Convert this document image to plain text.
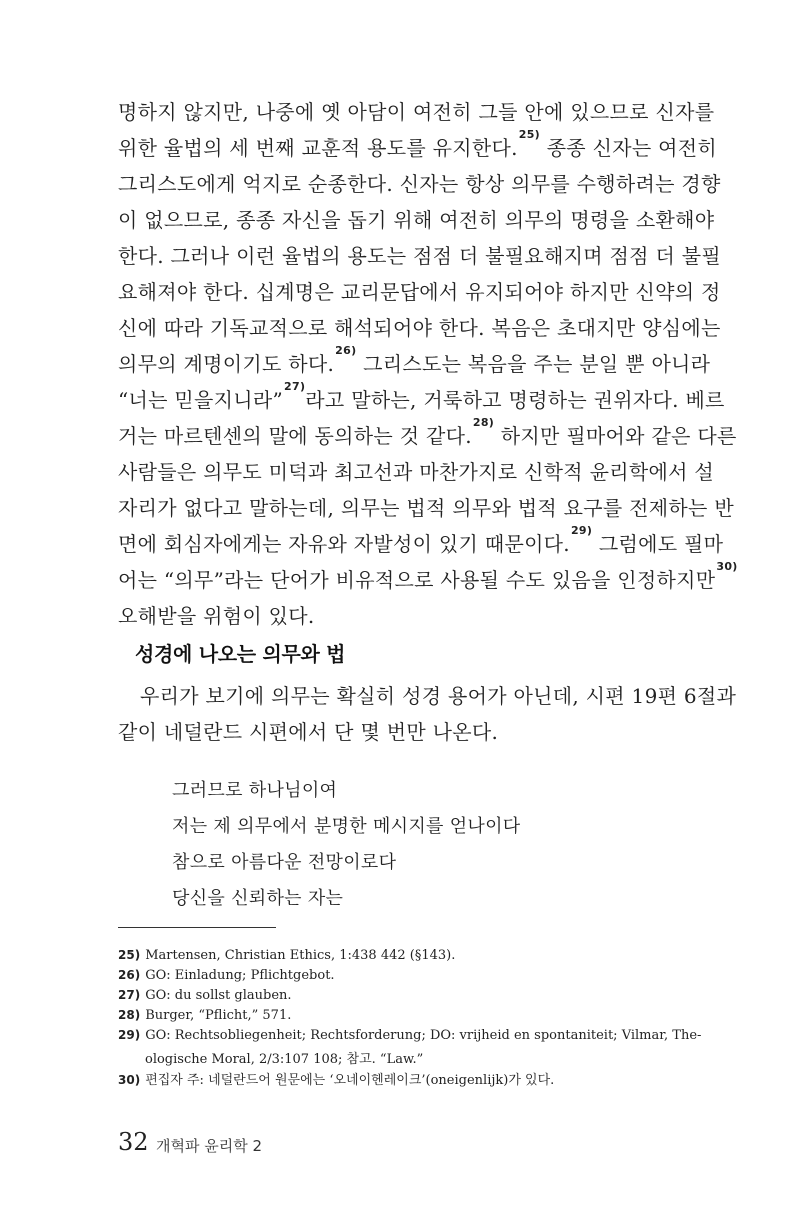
명하지 않지만, 나중에 옛 아담이 여전히 그들 안에 있으므로 신자를
위한 율법의 세 번째 교훈적 용도를 유지한다.$^{25)}$ 종종 신자는 여전히
그리스도에게 억지로 순종한다. 신자는 항상 의무를 수행하려는 경향
이 없으므로, 종종 자신을 돕기 위해 여전히 의무의 명령을 소환해야
한다. 그러나 이런 율법의 용도는 점점 더 불필요해지며 점점 더 불필
요해져야 한다. 십계명은 교리문답에서 유지되어야 하지만 신약의 정
신에 따라 기독교적으로 해석되어야 한다. 복음은 초대지만 양심에는
의무의 계명이기도 하다.$^{26)}$ 그리스도는 복음을 주는 분일 뿐 아니라
“너는 믿을지니라”$^{27)}$라고 말하는, 거룩하고 명령하는 권위자다. 베르
거는 마르텐센의 말에 동의하는 것 같다.$^{28)}$ 하지만 필마어와 같은 다른
사람들은 의무도 미덕과 최고선과 마찬가지로 신학적 윤리학에서 설
자리가 없다고 말하는데, 의무는 법적 의무와 법적 요구를 전제하는 반
면에 회심자에게는 자유와 자발성이 있기 때문이다.$^{29)}$ 그럼에도 필마
어는 “의무”라는 단어가 비유적으로 사용될 수도 있음을 인정하지만$^{30)}$
오해받을 위험이 있다.
성경에 나오는 의무와 법
우리가 보기에 의무는 확실히 성경 용어가 아닌데, 시편 19편 6절과
같이 네덜란드 시편에서 단 몇 번만 나온다.
그러므로 하나님이여
저는 제 의무에서 분명한 메시지를 얻나이다
참으로 아름다운 전망이로다
당신을 신뢰하는 자는
25) Martensen, Christian Ethics, 1:438 442 (§143).
26) GO: Einladung; Pflichtgebot.
27) GO: du sollst glauben.
28) Burger, “Pflicht,” 571.
29) GO: Rechtsobliegenheit; Rechtsforderung; DO: vrijheid en spontaniteit; Vilmar, The-
ologische Moral, 2/3:107 108; 참고. “Law.”
30) 편집자 주: 네덜란드어 원문에는 ‘오네이헨레이크’(oneigenlijk)가 있다.
32 개혁파 윤리학 2
